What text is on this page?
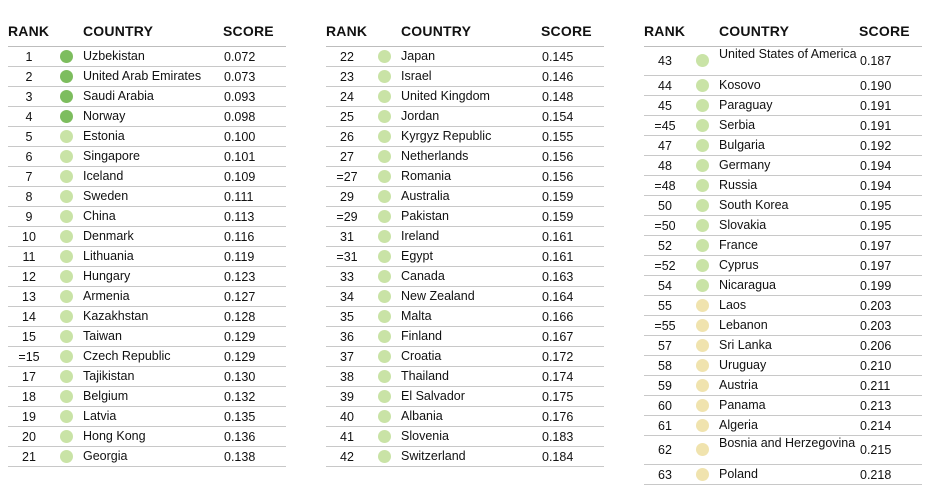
RANK COUNTRY	SCORE
1	Uzbekistan	0.072
2	United Arab Emirates	0.073
3	Saudi Arabia	0.093
4	Norway	0.098
5	Estonia	0.100
6	Singapore	0.101
7	Iceland	0.109
8	Sweden	0.111
9	China	0.113
10	Denmark	0.116
11	Lithuania	0.119
12	Hungary	0.123
13	Armenia	0.127
14	Kazakhstan	0.128
15	Taiwan	0.129
=15	Czech Republic	0.129
17	Tajikistan	0.130
18	Belgium	0.132
19	Latvia	0.135
20	Hong Kong	0.136
21	Georgia	0.138
RANK COUNTRY	SCORE
22	Japan	0.145
23	Israel	0.146
24	United Kingdom	0.148
25	Jordan	0.154
26	Kyrgyz Republic	0.155
27	Netherlands	0.156
=27	Romania	0.156
29	Australia	0.159
=29	Pakistan	0.159
31	Ireland	0.161
=31	Egypt	0.161
33	Canada	0.163
34	New Zealand	0.164
35	Malta	0.166
36	Finland	0.167
37	Croatia	0.172
38	Thailand	0.174
39	El Salvador	0.175
40	Albania	0.176
41	Slovenia	0.183
42	Switzerland	0.184
RANK COUNTRY	SCORE
43	United States of America 0.187
44	Kosovo	0.190
45	Paraguay	0.191
=45	Serbia	0.191
47	Bulgaria	0.192
48	Germany	0.194
=48	Russia	0.194
50	South Korea	0.195
=50	Slovakia	0.195
52	France	0.197
=52	Cyprus	0.197
54	Nicaragua	0.199
55	Laos	0.203
=55	Lebanon	0.203
57	Sri Lanka	0.206
58	Uruguay	0.210
59	Austria	0.211
60	Panama	0.213
61	Algeria	0.214
62	Bosnia and Herzegovina 0.215
63	Poland	0.218
